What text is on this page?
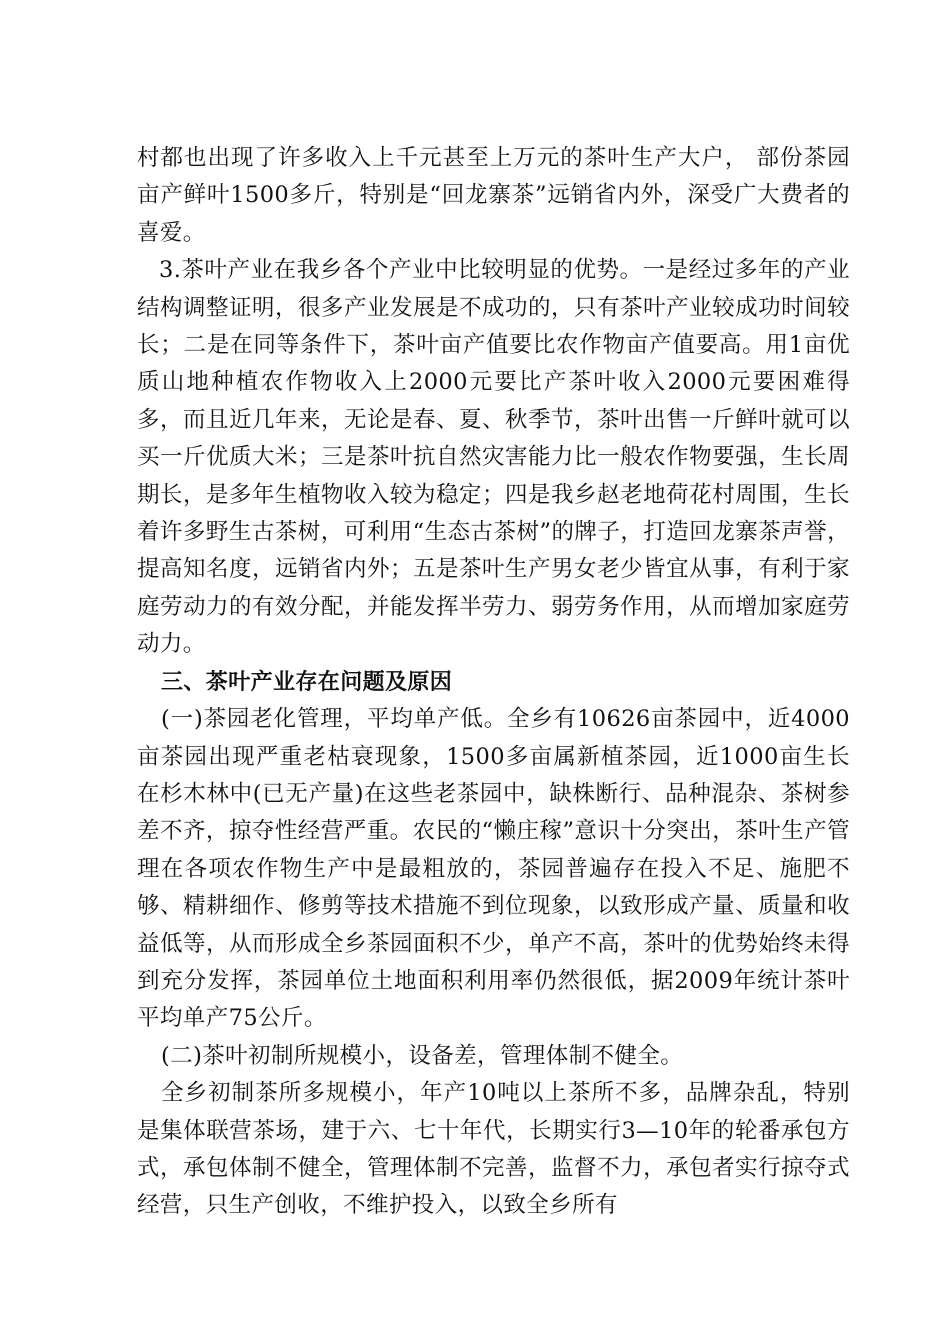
村都也出现了许多收入上千元甚至上万元的茶叶生产大户， 部份茶园亩产鲜叶1500多斤，特别是“回龙寨茶”远销省内外，深受广大费者的喜爱。

3.茶叶产业在我乡各个产业中比较明显的优势。一是经过多年的产业结构调整证明，很多产业发展是不成功的，只有茶叶产业较成功时间较长；二是在同等条件下，茶叶亩产值要比农作物亩产值要高。用1亩优质山地种植农作物收入上2000元要比产茶叶收入2000元要困难得多，而且近几年来，无论是春、夏、秋季节，茶叶出售一斤鲜叶就可以买一斤优质大米；三是茶叶抗自然灾害能力比一般农作物要强，生长周期长，是多年生植物收入较为稳定；四是我乡赵老地荷花村周围，生长着许多野生古茶树，可利用“生态古茶树”的牌子，打造回龙寨茶声誉，提高知名度，远销省内外；五是茶叶生产男女老少皆宜从事，有利于家庭劳动力的有效分配，并能发挥半劳力、弱劳务作用，从而增加家庭劳动力。

三、茶叶产业存在问题及原因

(一)茶园老化管理，平均单产低。全乡有10626亩茶园中，近4000亩茶园出现严重老枯衰现象，1500多亩属新植茶园，近1000亩生长在杉木林中(已无产量)在这些老茶园中，缺株断行、品种混杂、茶树参差不齐，掠夺性经营严重。农民的“懒庄稼”意识十分突出，茶叶生产管理在各项农作物生产中是最粗放的，茶园普遍存在投入不足、施肥不够、精耕细作、修剪等技术措施不到位现象，以致形成产量、质量和收益低等，从而形成全乡茶园面积不少，单产不高，茶叶的优势始终未得到充分发挥，茶园单位土地面积利用率仍然很低，据2009年统计茶叶平均单产75公斤。

(二)茶叶初制所规模小，设备差，管理体制不健全。

全乡初制茶所多规模小，年产10吨以上茶所不多，品牌杂乱，特别是集体联营茶场，建于六、七十年代，长期实行3—10年的轮番承包方式，承包体制不健全，管理体制不完善，监督不力，承包者实行掠夺式经营，只生产创收，不维护投入，以致全乡所有
